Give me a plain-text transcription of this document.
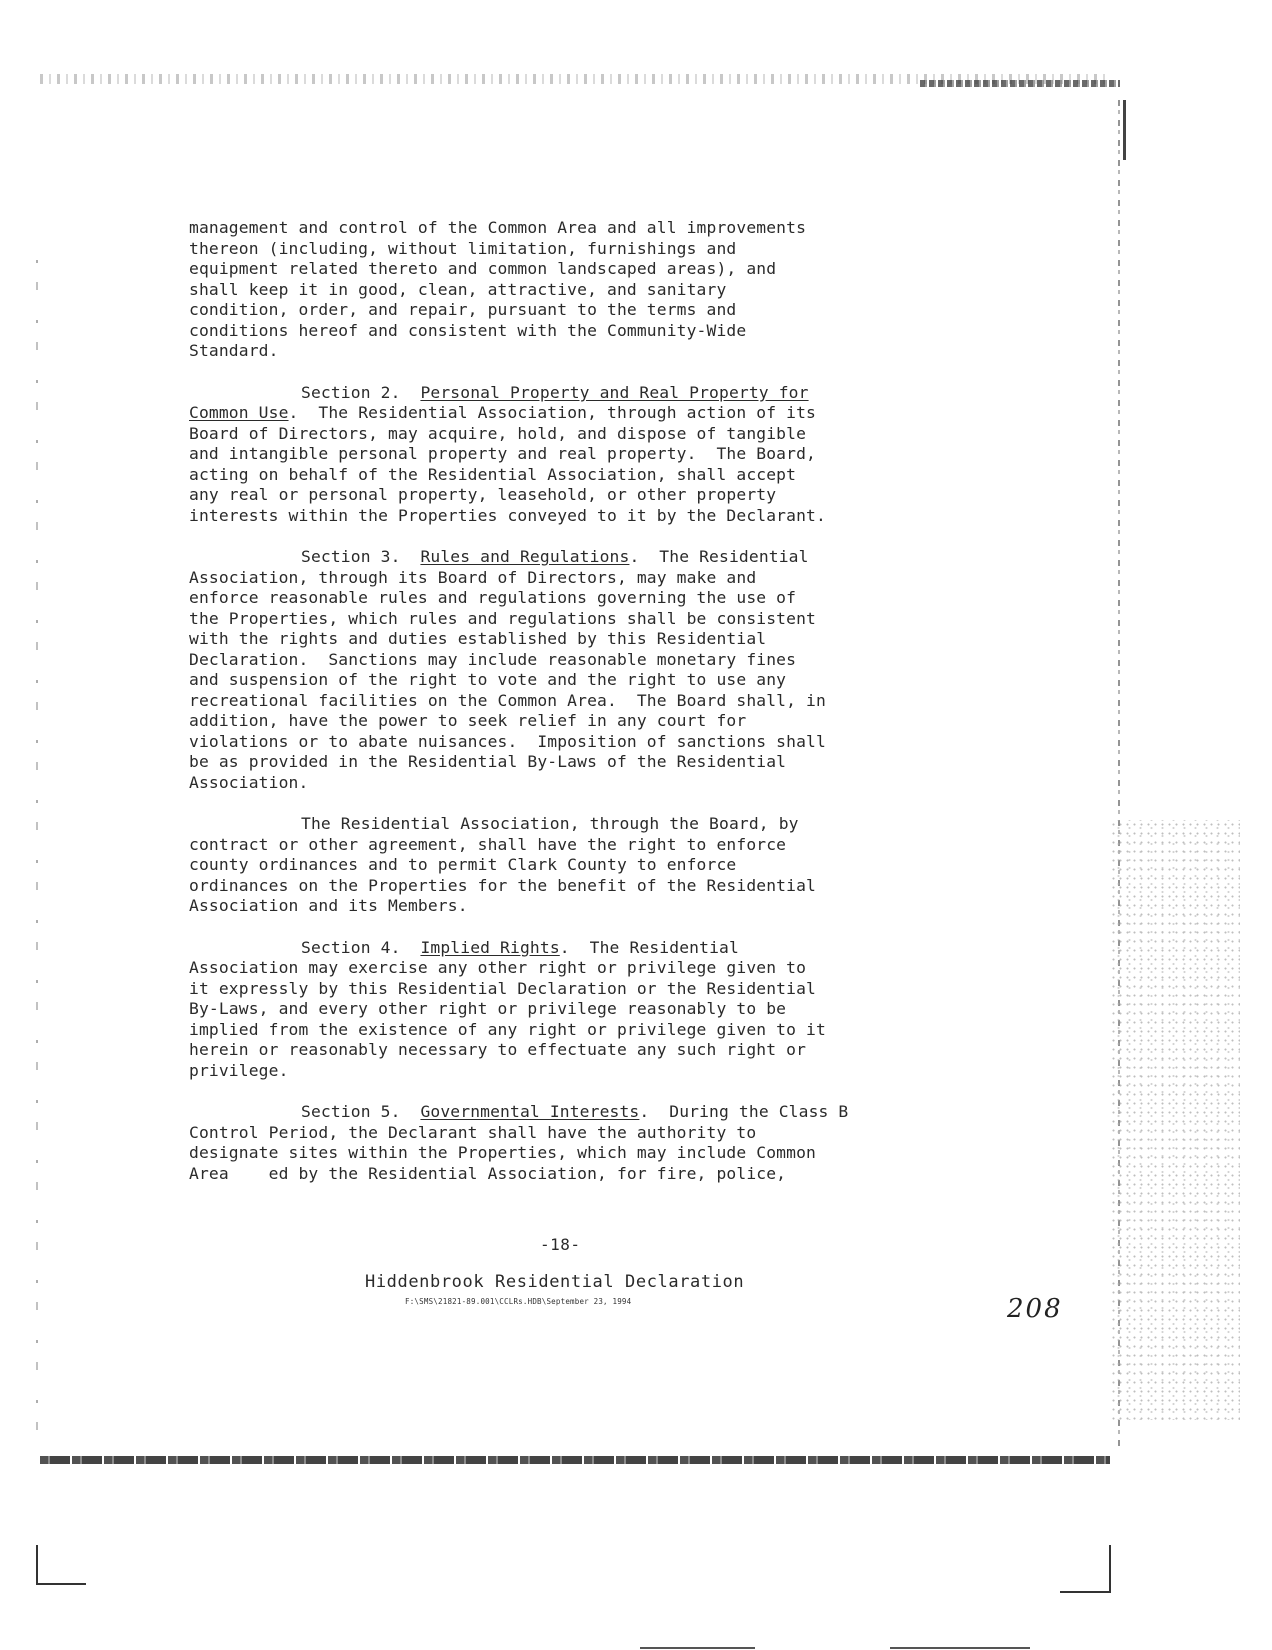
management and control of the Common Area and all improvements
thereon (including, without limitation, furnishings and
equipment related thereto and common landscaped areas), and
shall keep it in good, clean, attractive, and sanitary
condition, order, and repair, pursuant to the terms and
conditions hereof and consistent with the Community-Wide
Standard.
Section 2. Personal Property and Real Property for
Common Use.  The Residential Association, through action of its
Board of Directors, may acquire, hold, and dispose of tangible
and intangible personal property and real property.  The Board,
acting on behalf of the Residential Association, shall accept
any real or personal property, leasehold, or other property
interests within the Properties conveyed to it by the Declarant.
Section 3. Rules and Regulations.  The Residential
Association, through its Board of Directors, may make and
enforce reasonable rules and regulations governing the use of
the Properties, which rules and regulations shall be consistent
with the rights and duties established by this Residential
Declaration.  Sanctions may include reasonable monetary fines
and suspension of the right to vote and the right to use any
recreational facilities on the Common Area.  The Board shall, in
addition, have the power to seek relief in any court for
violations or to abate nuisances.  Imposition of sanctions shall
be as provided in the Residential By-Laws of the Residential
Association.
The Residential Association, through the Board, by
contract or other agreement, shall have the right to enforce
county ordinances and to permit Clark County to enforce
ordinances on the Properties for the benefit of the Residential
Association and its Members.
Section 4. Implied Rights.  The Residential
Association may exercise any other right or privilege given to
it expressly by this Residential Declaration or the Residential
By-Laws, and every other right or privilege reasonably to be
implied from the existence of any right or privilege given to it
herein or reasonably necessary to effectuate any such right or
privilege.
Section 5. Governmental Interests.  During the Class B
Control Period, the Declarant shall have the authority to
designate sites within the Properties, which may include Common
Area    ed by the Residential Association, for fire, police,
-18-
Hiddenbrook Residential Declaration
F:\SMS\21821-89.001\CCLRs.HDB\September 23, 1994	208
